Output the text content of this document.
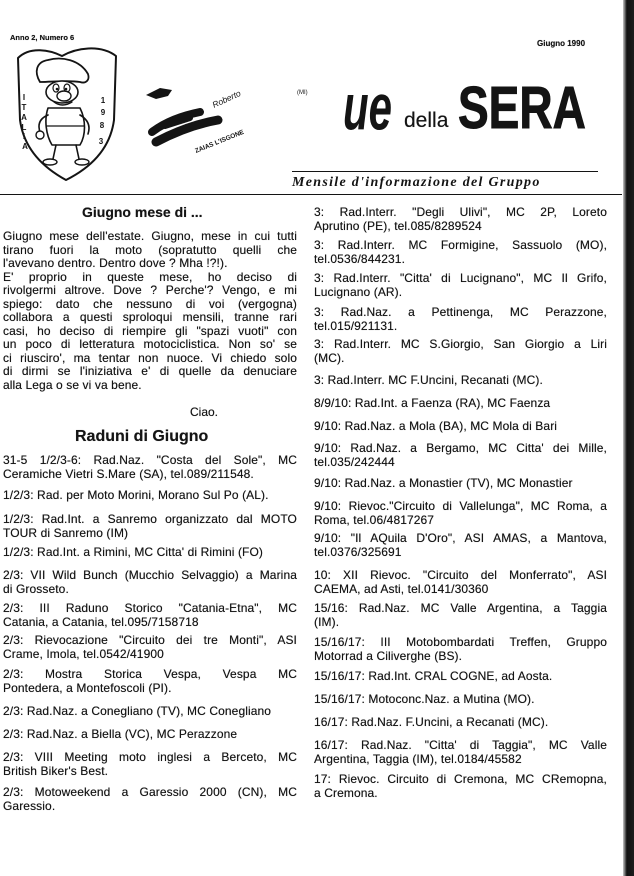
I
T
A
L
I
A
1
9
8
3
Roberto
ZAIAS L'ISGONE
(MI)
Anno 2, Numero 6
Giugno 1990
ue della SERA
Mensile d'informazione del Gruppo
Giugno mese di ...
Giugno mese dell'estate. Giugno, mese in cui tutti
tirano fuori la moto (sopratutto quelli che
l'avevano dentro. Dentro dove ? Mha !?!).
E' proprio in queste mese, ho deciso di
rivolgermi altrove. Dove ? Perche'? Vengo, e mi
spiego: dato che nessuno di voi (vergogna)
collabora a questi sproloqui mensili, tranne rari
casi, ho deciso di riempire gli "spazi vuoti" con
un poco di letteratura motociclistica. Non so' se
ci riusciro', ma tentar non nuoce. Vi chiedo solo
di dirmi se l'iniziativa e' di quelle da denuciare
alla Lega o se vi va bene.
Ciao.
Raduni di Giugno
31-5 1/2/3-6: Rad.Naz. "Costa del Sole", MC
Ceramiche Vietri S.Mare (SA), tel.089/211548.
1/2/3: Rad. per Moto Morini, Morano Sul Po (AL).
1/2/3: Rad.Int. a Sanremo organizzato dal MOTO
TOUR di Sanremo (IM)
1/2/3: Rad.Int. a Rimini, MC Citta' di Rimini (FO)
2/3: VII Wild Bunch (Mucchio Selvaggio) a Marina
di Grosseto.
2/3: III Raduno Storico "Catania-Etna", MC
Catania, a Catania, tel.095/7158718
2/3: Rievocazione "Circuito dei tre Monti", ASI
Crame, Imola, tel.0542/41900
2/3: Mostra Storica Vespa, Vespa MC
Pontedera, a Montefoscoli (PI).
2/3: Rad.Naz. a Conegliano (TV), MC Conegliano
2/3: Rad.Naz. a Biella (VC), MC Perazzone
2/3: VIII Meeting moto inglesi a Berceto, MC
British Biker's Best.
2/3: Motoweekend a Garessio 2000 (CN), MC
Garessio.
3: Rad.Interr. "Degli Ulivi", MC 2P, Loreto
Aprutino (PE), tel.085/8289524
3: Rad.Interr. MC Formigine, Sassuolo (MO),
tel.0536/844231.
3: Rad.Interr. "Citta' di Lucignano", MC Il Grifo,
Lucignano (AR).
3: Rad.Naz. a Pettinenga, MC Perazzone,
tel.015/921131.
3: Rad.Interr. MC S.Giorgio, San Giorgio a Liri
(MC).
3: Rad.Interr. MC F.Uncini, Recanati (MC).
8/9/10: Rad.Int. a Faenza (RA), MC Faenza
9/10: Rad.Naz. a Mola (BA), MC Mola di Bari
9/10: Rad.Naz. a Bergamo, MC Citta' dei Mille,
tel.035/242444
9/10: Rad.Naz. a Monastier (TV), MC Monastier
9/10: Rievoc."Circuito di Vallelunga", MC Roma, a
Roma, tel.06/4817267
9/10: "Il AQuila D'Oro", ASI AMAS, a Mantova,
tel.0376/325691
10: XII Rievoc. "Circuito del Monferrato", ASI
CAEMA, ad Asti, tel.0141/30360
15/16: Rad.Naz. MC Valle Argentina, a Taggia
(IM).
15/16/17: III Motobombardati Treffen, Gruppo
Motorrad a Ciliverghe (BS).
15/16/17: Rad.Int. CRAL COGNE, ad Aosta.
15/16/17: Motoconc.Naz. a Mutina (MO).
16/17: Rad.Naz. F.Uncini, a Recanati (MC).
16/17: Rad.Naz. "Citta' di Taggia", MC Valle
Argentina, Taggia (IM), tel.0184/45582
17: Rievoc. Circuito di Cremona, MC CRemopna,
a Cremona.
